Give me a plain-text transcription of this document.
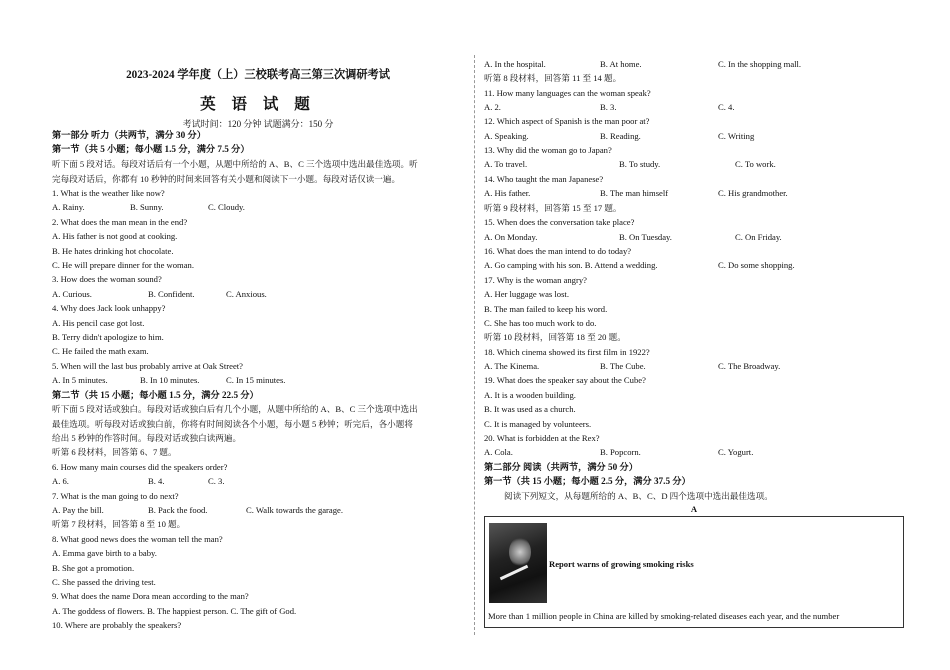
2023-2024 学年度（上）三校联考高三第三次调研考试
英 语 试 题
考试时间：120 分钟 试题满分：150 分
第一部分 听力（共两节，满分 30 分）
第一节（共 5 小题；每小题 1.5 分，满分 7.5 分）
听下面 5 段对话。每段对话后有一个小题，从题中所给的 A、B、C 三个选项中选出最佳选项。听
完每段对话后，你都有 10 秒钟的时间来回答有关小题和阅读下一小题。每段对话仅读一遍。
1. What is the weather like now?
A. Rainy.	B. Sunny.	C. Cloudy.
2. What does the man mean in the end?
A. His father is not good at cooking.
B. He hates drinking hot chocolate.
C. He will prepare dinner for the woman.
3. How does the woman sound?
A. Curious.	B. Confident.	C. Anxious.
4. Why does Jack look unhappy?
A. His pencil case got lost.
B. Terry didn't apologize to him.
C. He failed the math exam.
5. When will the last bus probably arrive at Oak Street?
A. In 5 minutes.	B. In 10 minutes.	C. In 15 minutes.
第二节（共 15 小题；每小题 1.5 分，满分 22.5 分）
听下面 5 段对话或独白。每段对话或独白后有几个小题，从题中所给的 A、B、C 三个选项中选出
最佳选项。听每段对话或独白前，你将有时间阅读各个小题，每小题 5 秒钟；听完后，各小题将
给出 5 秒钟的作答时间。每段对话或独白读两遍。
听第 6 段材料，回答第 6、7 题。
6. How many main courses did the speakers order?
A. 6.	B. 4.	C. 3.
7. What is the man going to do next?
A. Pay the bill.	B. Pack the food.	C. Walk towards the garage.
听第 7 段材料，回答第 8 至 10 题。
8. What good news does the woman tell the man?
A. Emma gave birth to a baby.
B. She got a promotion.
C. She passed the driving test.
9. What does the name Dora mean according to the man?
A. The goddess of flowers. B. The happiest person. C. The gift of God.
10. Where are probably the speakers?
A. In the hospital.	B. At home.	C. In the shopping mall.
听第 8 段材料，回答第 11 至 14 题。
11. How many languages can the woman speak?
A. 2.	B. 3.	C. 4.
12. Which aspect of Spanish is the man poor at?
A. Speaking.	B. Reading.	C. Writing
13. Why did the woman go to Japan?
A. To travel.	B. To study.	C. To work.
14. Who taught the man Japanese?
A. His father.	B. The man himself	C. His grandmother.
听第 9 段材料，回答第 15 至 17 题。
15. When does the conversation take place?
A. On Monday.	B. On Tuesday.	C. On Friday.
16. What does the man intend to do today?
A. Go camping with his son. B. Attend a wedding.	C. Do some shopping.
17. Why is the woman angry?
A. Her luggage was lost.
B. The man failed to keep his word.
C. She has too much work to do.
听第 10 段材料，回答第 18 至 20 题。
18. Which cinema showed its first film in 1922?
A. The Kinema.	B. The Cube.	C. The Broadway.
19. What does the speaker say about the Cube?
A. It is a wooden building.
B. It was used as a church.
C. It is managed by volunteers.
20. What is forbidden at the Rex?
A. Cola.	B. Popcorn.	C. Yogurt.
第二部分 阅读（共两节，满分 50 分）
第一节（共 15 小题；每小题 2.5 分，满分 37.5 分）
阅读下列短文，从每题所给的 A、B、C、D 四个选项中选出最佳选项。
A
Report warns of growing smoking risks
More than 1 million people in China are killed by smoking-related diseases each year, and the number
